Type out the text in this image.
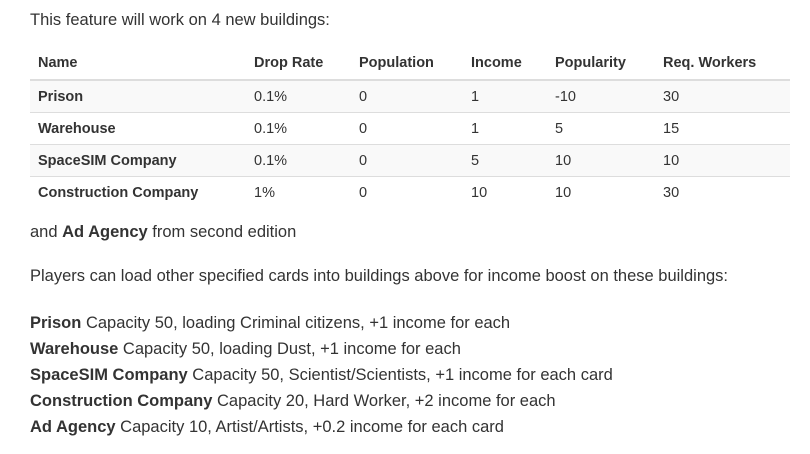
This feature will work on 4 new buildings:

Name	Drop Rate	Population	Income	Popularity	Req. Workers
Prison	0.1%	0	1	-10	30
Warehouse	0.1%	0	1	5	15
SpaceSIM Company	0.1%	0	5	10	10
Construction Company	1%	0	10	10	30

and Ad Agency from second edition

Players can load other specified cards into buildings above for income boost on these buildings:

Prison Capacity 50, loading Criminal citizens, +1 income for each
Warehouse Capacity 50, loading Dust, +1 income for each
SpaceSIM Company Capacity 50, Scientist/Scientists, +1 income for each card
Construction Company Capacity 20, Hard Worker, +2 income for each
Ad Agency Capacity 10, Artist/Artists, +0.2 income for each card
